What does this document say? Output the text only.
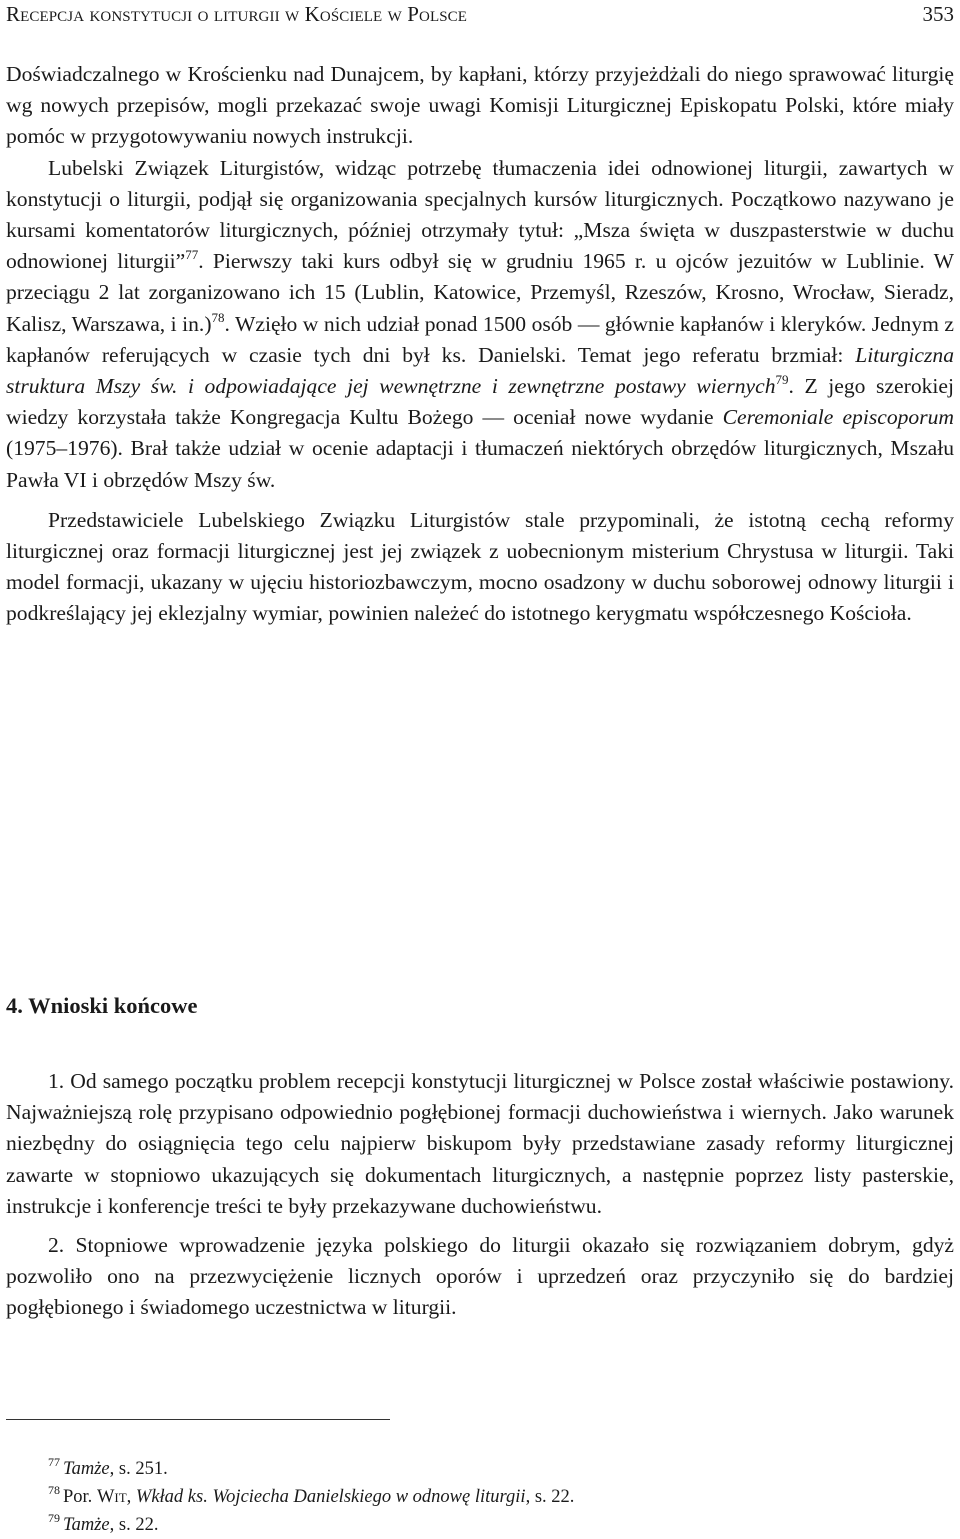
Recepcja konstytucji o liturgii w Kościele w Polsce	353

Doświadczalnego w Krościenku nad Dunajcem, by kapłani, którzy przyjeżdżali do niego sprawować liturgię wg nowych przepisów, mogli przekazać swoje uwagi Komisji Liturgicznej Episkopatu Polski, które miały pomóc w przygotowywaniu nowych instrukcji.

Lubelski Związek Liturgistów, widząc potrzebę tłumaczenia idei odnowionej liturgii, zawartych w konstytucji o liturgii, podjął się organizowania specjalnych kursów liturgicznych. Początkowo nazywano je kursami komentatorów liturgicznych, później otrzymały tytuł: „Msza święta w duszpasterstwie w duchu odnowionej liturgii”$^{77}$. Pierwszy taki kurs odbył się w grudniu 1965 r. u ojców jezuitów w Lublinie. W przeciągu 2 lat zorganizowano ich 15 (Lublin, Katowice, Przemyśl, Rzeszów, Krosno, Wrocław, Sieradz, Kalisz, Warszawa, i in.)$^{78}$. Wzięło w nich udział ponad 1500 osób — głównie kapłanów i kleryków. Jednym z kapłanów referujących w czasie tych dni był ks. Danielski. Temat jego referatu brzmiał: Liturgiczna struktura Mszy św. i odpowiadające jej wewnętrzne i zewnętrzne postawy wiernych$^{79}$. Z jego szerokiej wiedzy korzystała także Kongregacja Kultu Bożego — oceniał nowe wydanie Ceremoniale episcoporum (1975–1976). Brał także udział w ocenie adaptacji i tłumaczeń niektórych obrzędów liturgicznych, Mszału Pawła VI i obrzędów Mszy św.

Przedstawiciele Lubelskiego Związku Liturgistów stale przypominali, że istotną cechą reformy liturgicznej oraz formacji liturgicznej jest jej związek z uobecnionym misterium Chrystusa w liturgii. Taki model formacji, ukazany w ujęciu historiozbawczym, mocno osadzony w duchu soborowej odnowy liturgii i podkreślający jej eklezjalny wymiar, powinien należeć do istotnego kerygmatu współczesnego Kościoła.

4. Wnioski końcowe

1. Od samego początku problem recepcji konstytucji liturgicznej w Polsce został właściwie postawiony. Najważniejszą rolę przypisano odpowiednio pogłębionej formacji duchowieństwa i wiernych. Jako warunek niezbędny do osiągnięcia tego celu najpierw biskupom były przedstawiane zasady reformy liturgicznej zawarte w stopniowo ukazujących się dokumentach liturgicznych, a następnie poprzez listy pasterskie, instrukcje i konferencje treści te były przekazywane duchowieństwu.

2. Stopniowe wprowadzenie języka polskiego do liturgii okazało się rozwiązaniem dobrym, gdyż pozwoliło ono na przezwyciężenie licznych oporów i uprzedzeń oraz przyczyniło się do bardziej pogłębionego i świadomego uczestnictwa w liturgii.

$^{77}$ Tamże, s. 251.

$^{78}$ Por. Wit, Wkład ks. Wojciecha Danielskiego w odnowę liturgii, s. 22.

$^{79}$ Tamże, s. 22.
